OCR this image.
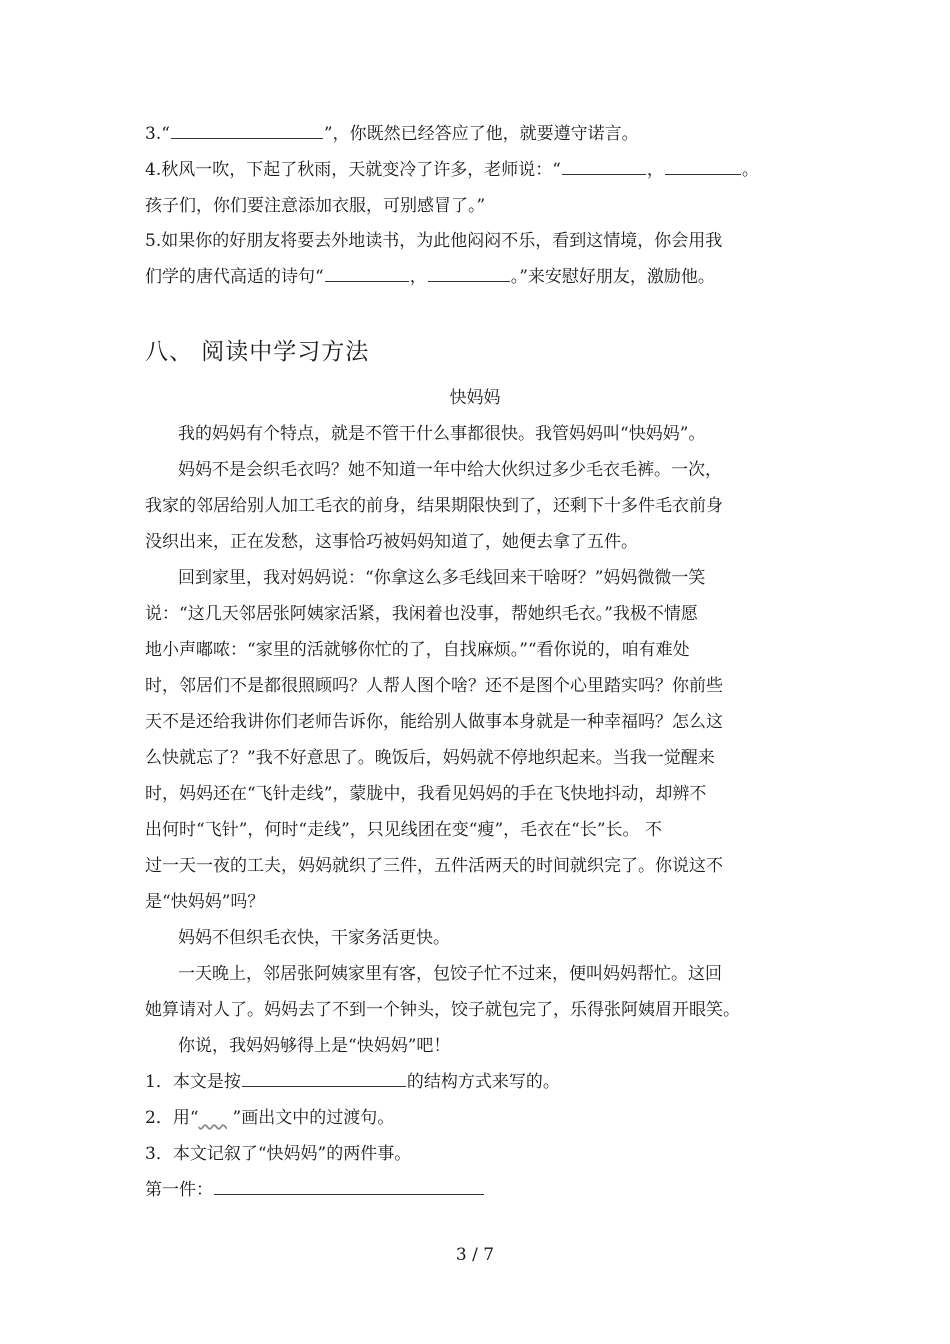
3.“	”，你既然已经答应了他，就要遵守诺言。
4.秋风一吹，下起了秋雨，天就变冷了许多，老师说：“	，	。
孩子们，你们要注意添加衣服，可别感冒了。”
5.如果你的好朋友将要去外地读书，为此他闷闷不乐，看到这情境，你会用我
们学的唐代高适的诗句“	，	。”来安慰好朋友，激励他。
八、 阅读中学习方法
快妈妈
我的妈妈有个特点，就是不管干什么事都很快。我管妈妈叫“快妈妈”。
妈妈不是会织毛衣吗？她不知道一年中给大伙织过多少毛衣毛裤。一次，
我家的邻居给别人加工毛衣的前身，结果期限快到了，还剩下十多件毛衣前身
没织出来，正在发愁，这事恰巧被妈妈知道了，她便去拿了五件。
回到家里，我对妈妈说：“你拿这么多毛线回来干啥呀？”妈妈微微一笑
说：“这几天邻居张阿姨家活紧，我闲着也没事，帮她织毛衣。”我极不情愿
地小声嘟哝：“家里的活就够你忙的了，自找麻烦。”“看你说的，咱有难处
时，邻居们不是都很照顾吗？人帮人图个啥？还不是图个心里踏实吗？你前些
天不是还给我讲你们老师告诉你，能给别人做事本身就是一种幸福吗？怎么这
么快就忘了？”我不好意思了。晚饭后，妈妈就不停地织起来。当我一觉醒来
时，妈妈还在“飞针走线”，蒙胧中，我看见妈妈的手在飞快地抖动，却辨不
出何时“飞针”，何时“走线”，只见线团在变“瘦”，毛衣在“长”长。 不
过一天一夜的工夫，妈妈就织了三件，五件活两天的时间就织完了。你说这不
是“快妈妈”吗？
妈妈不但织毛衣快，干家务活更快。
一天晚上，邻居张阿姨家里有客，包饺子忙不过来，便叫妈妈帮忙。这回
她算请对人了。妈妈去了不到一个钟头，饺子就包完了，乐得张阿姨眉开眼笑。
你说，我妈妈够得上是“快妈妈”吧！
1．本文是按	的结构方式来写的。
2．用“ ”画出文中的过渡句。
3．本文记叙了“快妈妈”的两件事。
第一件：
3 / 7
